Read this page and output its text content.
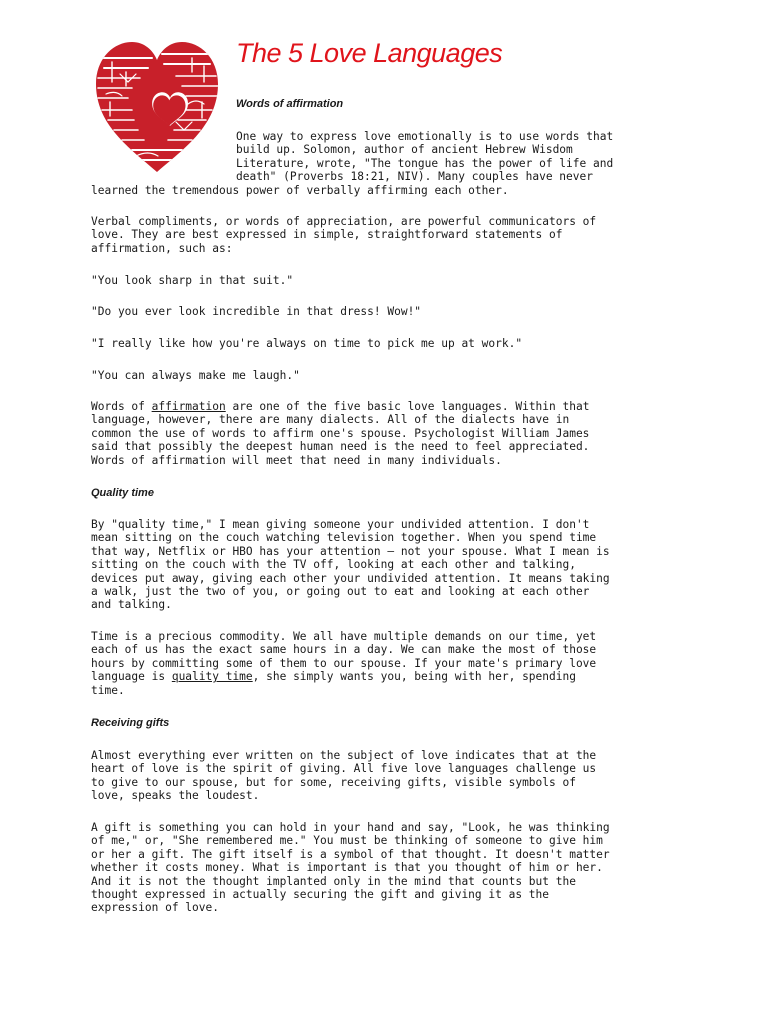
The 5 Love Languages
Words of affirmation
One way to express love emotionally is to use words that
build up. Solomon, author of ancient Hebrew Wisdom
Literature, wrote, "The tongue has the power of life and
death" (Proverbs 18:21, NIV). Many couples have never
learned the tremendous power of verbally affirming each other.
Verbal compliments, or words of appreciation, are powerful communicators of
love. They are best expressed in simple, straightforward statements of
affirmation, such as:
"You look sharp in that suit."
"Do you ever look incredible in that dress! Wow!"
"I really like how you're always on time to pick me up at work."
"You can always make me laugh."
Words of affirmation are one of the five basic love languages. Within that
language, however, there are many dialects. All of the dialects have in
common the use of words to affirm one's spouse. Psychologist William James
said that possibly the deepest human need is the need to feel appreciated.
Words of affirmation will meet that need in many individuals.
Quality time
By "quality time," I mean giving someone your undivided attention. I don't
mean sitting on the couch watching television together. When you spend time
that way, Netflix or HBO has your attention – not your spouse. What I mean is
sitting on the couch with the TV off, looking at each other and talking,
devices put away, giving each other your undivided attention. It means taking
a walk, just the two of you, or going out to eat and looking at each other
and talking.
Time is a precious commodity. We all have multiple demands on our time, yet
each of us has the exact same hours in a day. We can make the most of those
hours by committing some of them to our spouse. If your mate's primary love
language is quality time, she simply wants you, being with her, spending
time.
Receiving gifts
Almost everything ever written on the subject of love indicates that at the
heart of love is the spirit of giving. All five love languages challenge us
to give to our spouse, but for some, receiving gifts, visible symbols of
love, speaks the loudest.
A gift is something you can hold in your hand and say, "Look, he was thinking
of me," or, "She remembered me." You must be thinking of someone to give him
or her a gift. The gift itself is a symbol of that thought. It doesn't matter
whether it costs money. What is important is that you thought of him or her.
And it is not the thought implanted only in the mind that counts but the
thought expressed in actually securing the gift and giving it as the
expression of love.
